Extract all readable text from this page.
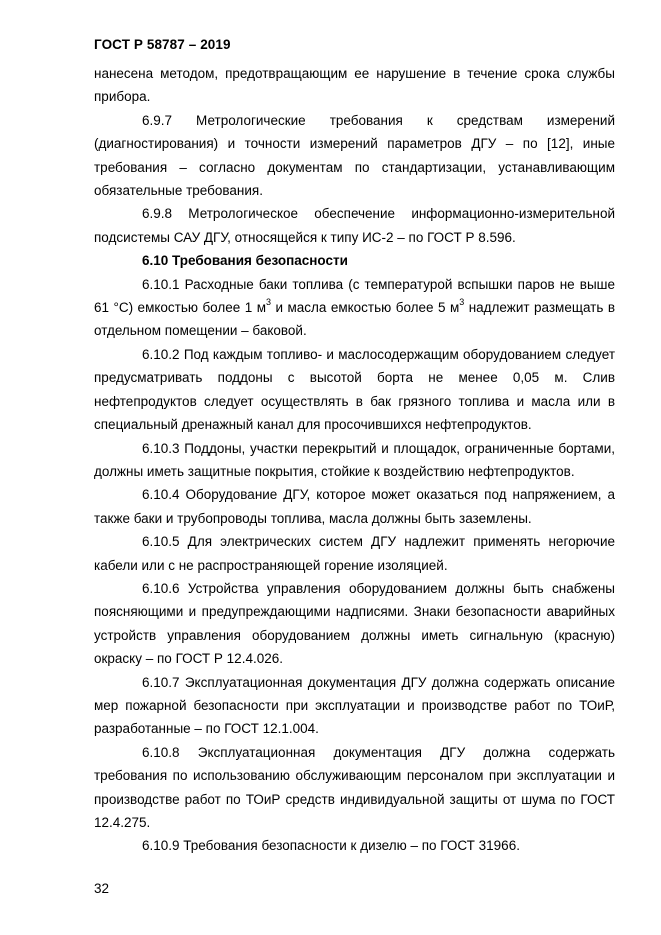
ГОСТ Р 58787 – 2019

нанесена методом, предотвращающим ее нарушение в течение срока службы прибора.

6.9.7 Метрологические требования к средствам измерений (диагностирования) и точности измерений параметров ДГУ – по [12], иные требования – согласно документам по стандартизации, устанавливающим обязательные требования.

6.9.8 Метрологическое обеспечение информационно-измерительной подсистемы САУ ДГУ, относящейся к типу ИС-2 – по ГОСТ Р 8.596.

6.10 Требования безопасности

6.10.1 Расходные баки топлива (с температурой вспышки паров не выше 61 °С) емкостью более 1 $м^3$ и масла емкостью более 5 $м^3$ надлежит размещать в отдельном помещении – баковой.

6.10.2 Под каждым топливо- и маслосодержащим оборудованием следует предусматривать поддоны с высотой борта не менее 0,05 м. Слив нефтепродуктов следует осуществлять в бак грязного топлива и масла или в специальный дренажный канал для просочившихся нефтепродуктов.

6.10.3 Поддоны, участки перекрытий и площадок, ограниченные бортами, должны иметь защитные покрытия, стойкие к воздействию нефтепродуктов.

6.10.4 Оборудование ДГУ, которое может оказаться под напряжением, а также баки и трубопроводы топлива, масла должны быть заземлены.

6.10.5 Для электрических систем ДГУ надлежит применять негорючие кабели или с не распространяющей горение изоляцией.

6.10.6 Устройства управления оборудованием должны быть снабжены поясняющими и предупреждающими надписями. Знаки безопасности аварийных устройств управления оборудованием должны иметь сигнальную (красную) окраску – по ГОСТ Р 12.4.026.

6.10.7 Эксплуатационная документация ДГУ должна содержать описание мер пожарной безопасности при эксплуатации и производстве работ по ТОиР, разработанные – по ГОСТ 12.1.004.

6.10.8 Эксплуатационная документация ДГУ должна содержать требования по использованию обслуживающим персоналом при эксплуатации и производстве работ по ТОиР средств индивидуальной защиты от шума по ГОСТ 12.4.275.

6.10.9 Требования безопасности к дизелю – по ГОСТ 31966.

32
